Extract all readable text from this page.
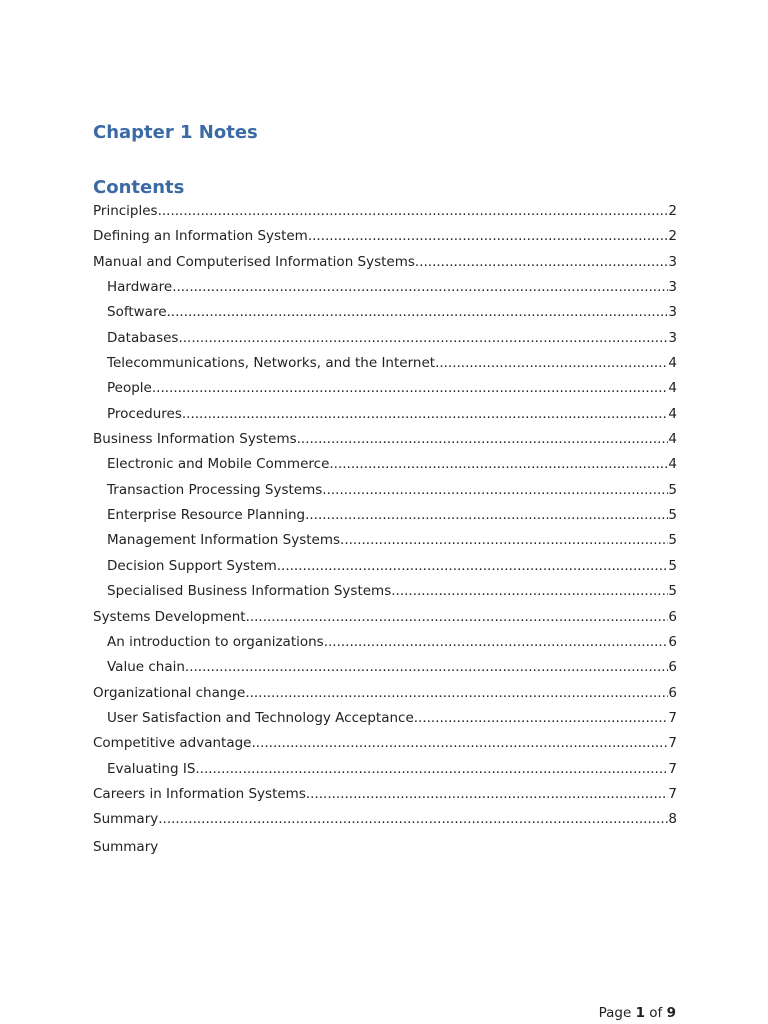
Chapter 1 Notes
Contents
Principles .....	2
Defining an Information System .....	2
Manual and Computerised Information Systems .....	3
Hardware .....	3
Software .....	3
Databases .....	3
Telecommunications, Networks, and the Internet .....	4
People .....	4
Procedures .....	4
Business Information Systems .....	4
Electronic and Mobile Commerce .....	4
Transaction Processing Systems .....	5
Enterprise Resource Planning .....	5
Management Information Systems .....	5
Decision Support System .....	5
Specialised Business Information Systems .....	5
Systems Development .....	6
An introduction to organizations .....	6
Value chain .....	6
Organizational change .....	6
User Satisfaction and Technology Acceptance .....	7
Competitive advantage .....	7
Evaluating IS .....	7
Careers in Information Systems .....	7
Summary .....	8
Summary
Page 1 of 9
